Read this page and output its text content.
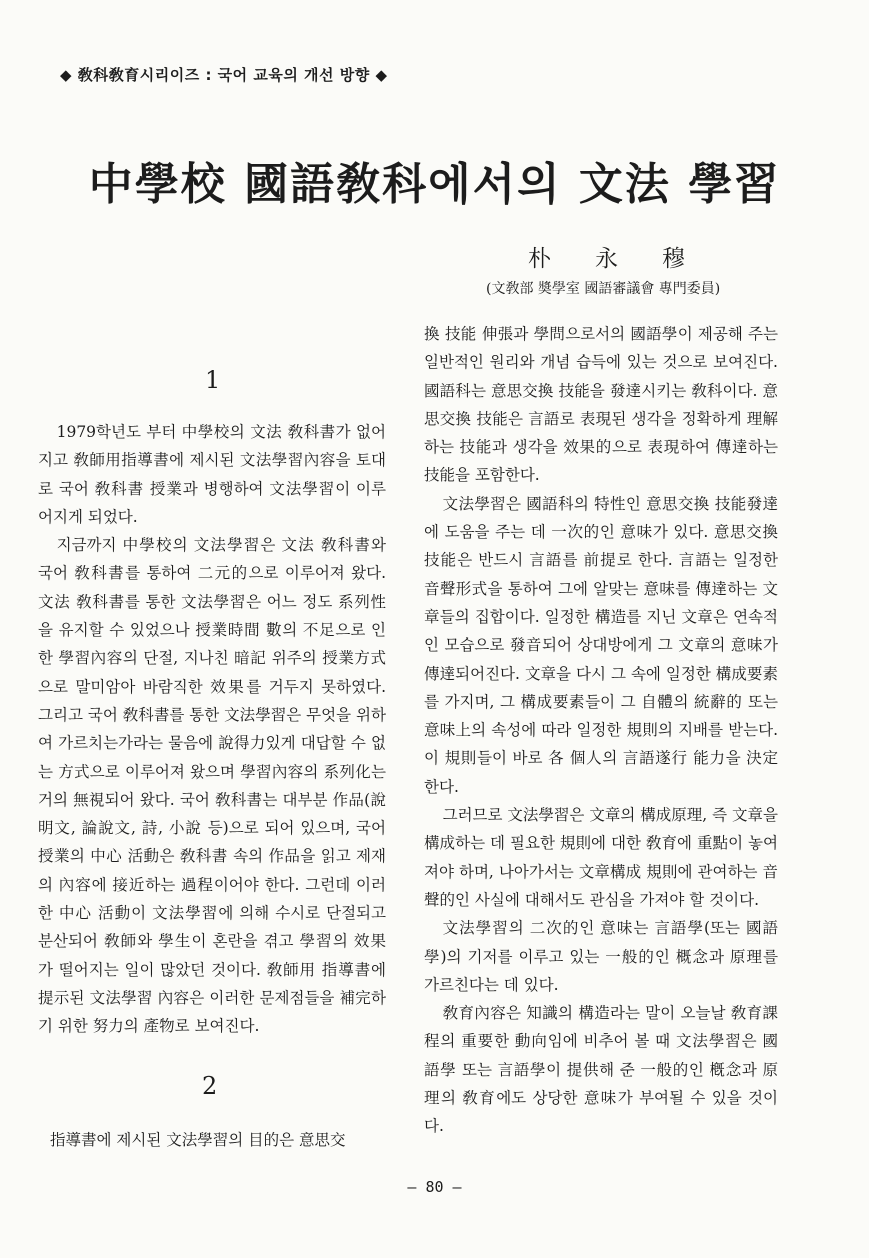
◆ 敎科敎育시리이즈 : 국어 교육의 개선 방향 ◆
中學校 國語敎科에서의 文法 學習
朴永穆
(文敎部 奬學室 國語審議會 專門委員)
1

1979학년도 부터 中學校의 文法 敎科書가 없어지고 敎師用指導書에 제시된 文法學習內容을 토대로 국어 敎科書 授業과 병행하여 文法學習이 이루어지게 되었다.

지금까지 中學校의 文法學習은 文法 敎科書와 국어 敎科書를 통하여 二元的으로 이루어져 왔다. 文法 敎科書를 통한 文法學習은 어느 정도 系列性을 유지할 수 있었으나 授業時間 數의 不足으로 인한 學習內容의 단절, 지나친 暗記 위주의 授業方式으로 말미암아 바람직한 效果를 거두지 못하였다. 그리고 국어 敎科書를 통한 文法學習은 무엇을 위하여 가르치는가라는 물음에 說得力있게 대답할 수 없는 方式으로 이루어져 왔으며 學習內容의 系列化는 거의 無視되어 왔다. 국어 敎科書는 대부분 作品(說明文, 論說文, 詩, 小說 등)으로 되어 있으며, 국어 授業의 中心 活動은 敎科書 속의 作品을 읽고 제재의 內容에 接近하는 過程이어야 한다. 그런데 이러한 中心 活動이 文法學習에 의해 수시로 단절되고 분산되어 敎師와 學生이 혼란을 겪고 學習의 效果가 떨어지는 일이 많았던 것이다. 敎師用 指導書에 提示된 文法學習 內容은 이러한 문제점들을 補完하기 위한 努力의 產物로 보여진다.

2
指導書에 제시된 文法學習의 目的은 意思交

換 技能 伸張과 學問으로서의 國語學이 제공해 주는 일반적인 원리와 개념 습득에 있는 것으로 보여진다. 國語科는 意思交換 技能을 發達시키는 敎科이다. 意思交換 技能은 言語로 表現된 생각을 정확하게 理解하는 技能과 생각을 效果的으로 表現하여 傳達하는 技能을 포함한다.

文法學習은 國語科의 特性인 意思交換 技能發達에 도움을 주는 데 一次的인 意味가 있다. 意思交換 技能은 반드시 言語를 前提로 한다. 言語는 일정한 音聲形式을 통하여 그에 알맞는 意味를 傳達하는 文章들의 집합이다. 일정한 構造를 지닌 文章은 연속적인 모습으로 發音되어 상대방에게 그 文章의 意味가 傳達되어진다. 文章을 다시 그 속에 일정한 構成要素를 가지며, 그 構成要素들이 그 自體의 統辭的 또는 意味上의 속성에 따라 일정한 規則의 지배를 받는다. 이 規則들이 바로 各 個人의 言語遂行 能力을 決定한다.

그러므로 文法學習은 文章의 構成原理, 즉 文章을 構成하는 데 필요한 規則에 대한 敎育에 重點이 놓여져야 하며, 나아가서는 文章構成 規則에 관여하는 音聲的인 사실에 대해서도 관심을 가져야 할 것이다.

文法學習의 二次的인 意味는 言語學(또는 國語學)의 기저를 이루고 있는 一般的인 概念과 原理를 가르친다는 데 있다.

敎育內容은 知識의 構造라는 말이 오늘날 敎育課程의 重要한 動向임에 비추어 볼 때 文法學習은 國語學 또는 言語學이 提供해 준 一般的인 槪念과 原理의 敎育에도 상당한 意味가 부여될 수 있을 것이다.

— 80 —
